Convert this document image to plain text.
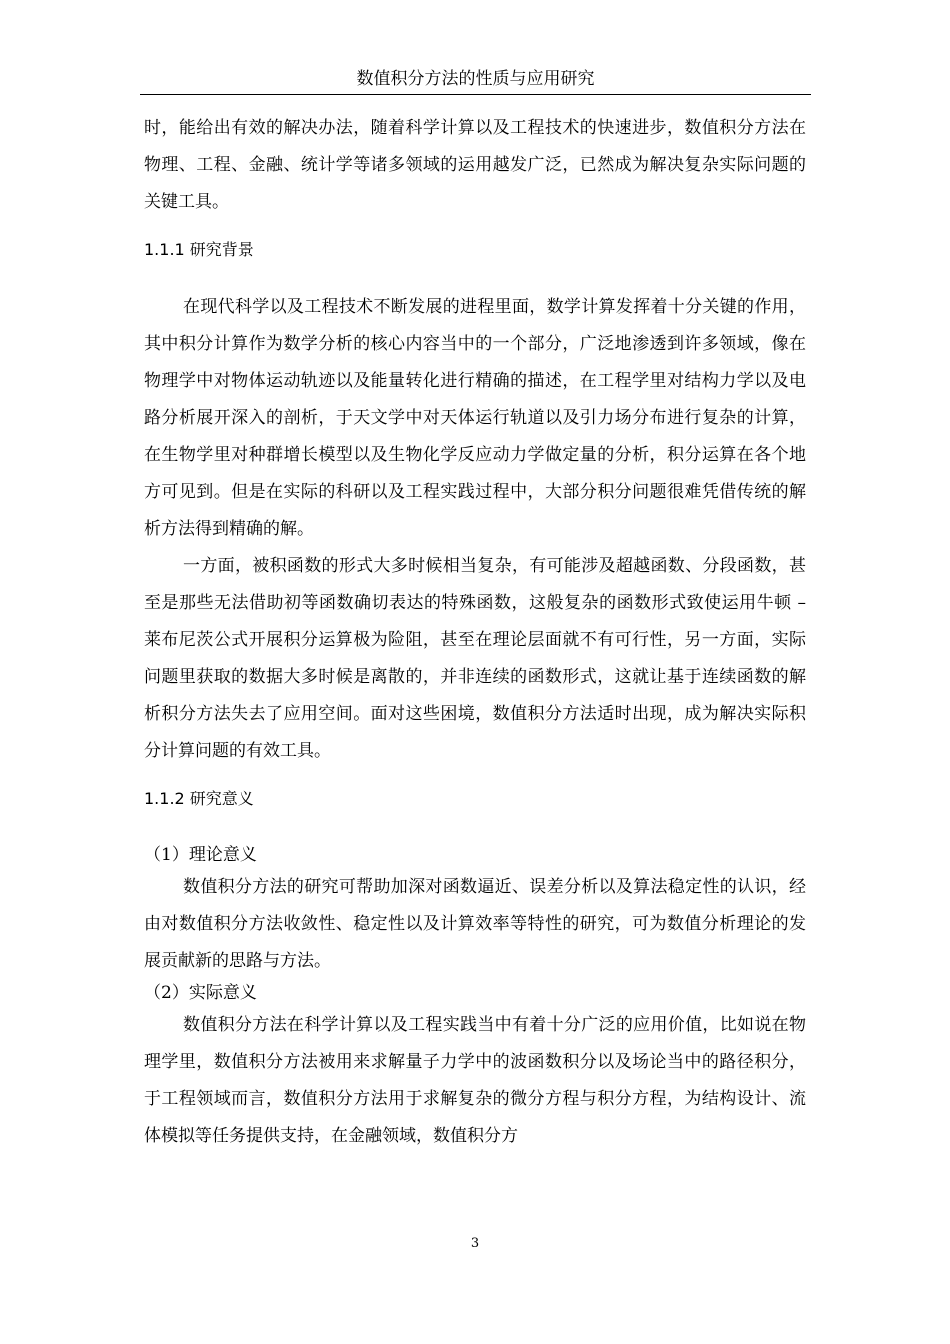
数值积分方法的性质与应用研究

时，能给出有效的解决办法，随着科学计算以及工程技术的快速进步，数值积分方法在物理、工程、金融、统计学等诸多领域的运用越发广泛，已然成为解决复杂实际问题的关键工具。

1.1.1 研究背景

在现代科学以及工程技术不断发展的进程里面，数学计算发挥着十分关键的作用，其中积分计算作为数学分析的核心内容当中的一个部分，广泛地渗透到许多领域，像在物理学中对物体运动轨迹以及能量转化进行精确的描述，在工程学里对结构力学以及电路分析展开深入的剖析，于天文学中对天体运行轨道以及引力场分布进行复杂的计算，在生物学里对种群增长模型以及生物化学反应动力学做定量的分析，积分运算在各个地方可见到。但是在实际的科研以及工程实践过程中，大部分积分问题很难凭借传统的解析方法得到精确的解。

一方面，被积函数的形式大多时候相当复杂，有可能涉及超越函数、分段函数，甚至是那些无法借助初等函数确切表达的特殊函数，这般复杂的函数形式致使运用牛顿 – 莱布尼茨公式开展积分运算极为险阻，甚至在理论层面就不有可行性，另一方面，实际问题里获取的数据大多时候是离散的，并非连续的函数形式，这就让基于连续函数的解析积分方法失去了应用空间。面对这些困境，数值积分方法适时出现，成为解决实际积分计算问题的有效工具。

1.1.2 研究意义

（1）理论意义

数值积分方法的研究可帮助加深对函数逼近、误差分析以及算法稳定性的认识，经由对数值积分方法收敛性、稳定性以及计算效率等特性的研究，可为数值分析理论的发展贡献新的思路与方法。

（2）实际意义

数值积分方法在科学计算以及工程实践当中有着十分广泛的应用价值，比如说在物理学里，数值积分方法被用来求解量子力学中的波函数积分以及场论当中的路径积分，于工程领域而言，数值积分方法用于求解复杂的微分方程与积分方程，为结构设计、流体模拟等任务提供支持，在金融领域，数值积分方

3
